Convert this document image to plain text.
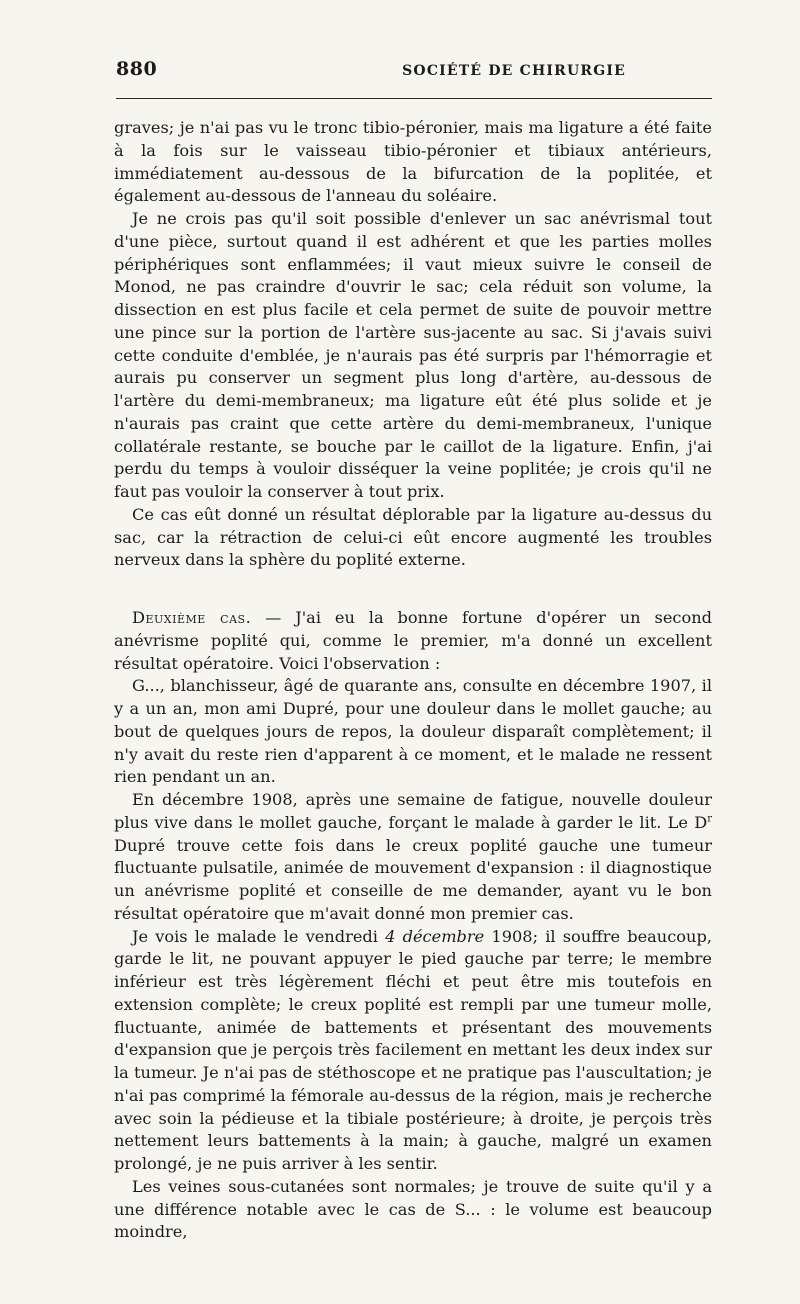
880	SOCIÉTÉ DE CHIRURGIE

graves; je n'ai pas vu le tronc tibio-péronier, mais ma ligature a été faite à la fois sur le vaisseau tibio-péronier et tibiaux antérieurs, immédiatement au-dessous de la bifurcation de la poplitée, et également au-dessous de l'anneau du soléaire.

Je ne crois pas qu'il soit possible d'enlever un sac anévrismal tout d'une pièce, surtout quand il est adhérent et que les parties molles périphériques sont enflammées; il vaut mieux suivre le conseil de Monod, ne pas craindre d'ouvrir le sac; cela réduit son volume, la dissection en est plus facile et cela permet de suite de pouvoir mettre une pince sur la portion de l'artère sus-jacente au sac. Si j'avais suivi cette conduite d'emblée, je n'aurais pas été surpris par l'hémorragie et aurais pu conserver un segment plus long d'artère, au-dessous de l'artère du demi-membraneux; ma ligature eût été plus solide et je n'aurais pas craint que cette artère du demi-membraneux, l'unique collatérale restante, se bouche par le caillot de la ligature. Enfin, j'ai perdu du temps à vouloir disséquer la veine poplitée; je crois qu'il ne faut pas vouloir la conserver à tout prix.

Ce cas eût donné un résultat déplorable par la ligature au-dessus du sac, car la rétraction de celui-ci eût encore augmenté les troubles nerveux dans la sphère du poplité externe.

Deuxième cas. — J'ai eu la bonne fortune d'opérer un second anévrisme poplité qui, comme le premier, m'a donné un excellent résultat opératoire. Voici l'observation :

G..., blanchisseur, âgé de quarante ans, consulte en décembre 1907, il y a un an, mon ami Dupré, pour une douleur dans le mollet gauche; au bout de quelques jours de repos, la douleur disparaît complètement; il n'y avait du reste rien d'apparent à ce moment, et le malade ne ressent rien pendant un an.

En décembre 1908, après une semaine de fatigue, nouvelle douleur plus vive dans le mollet gauche, forçant le malade à garder le lit. Le $D^r$ Dupré trouve cette fois dans le creux poplité gauche une tumeur fluctuante pulsatile, animée de mouvement d'expansion : il diagnostique un anévrisme poplité et conseille de me demander, ayant vu le bon résultat opératoire que m'avait donné mon premier cas.

Je vois le malade le vendredi 4 décembre 1908; il souffre beaucoup, garde le lit, ne pouvant appuyer le pied gauche par terre; le membre inférieur est très légèrement fléchi et peut être mis toutefois en extension complète; le creux poplité est rempli par une tumeur molle, fluctuante, animée de battements et présentant des mouvements d'expansion que je perçois très facilement en mettant les deux index sur la tumeur. Je n'ai pas de stéthoscope et ne pratique pas l'auscultation; je n'ai pas comprimé la fémorale au-dessus de la région, mais je recherche avec soin la pédieuse et la tibiale postérieure; à droite, je perçois très nettement leurs battements à la main; à gauche, malgré un examen prolongé, je ne puis arriver à les sentir.

Les veines sous-cutanées sont normales; je trouve de suite qu'il y a une différence notable avec le cas de S... : le volume est beaucoup moindre,
